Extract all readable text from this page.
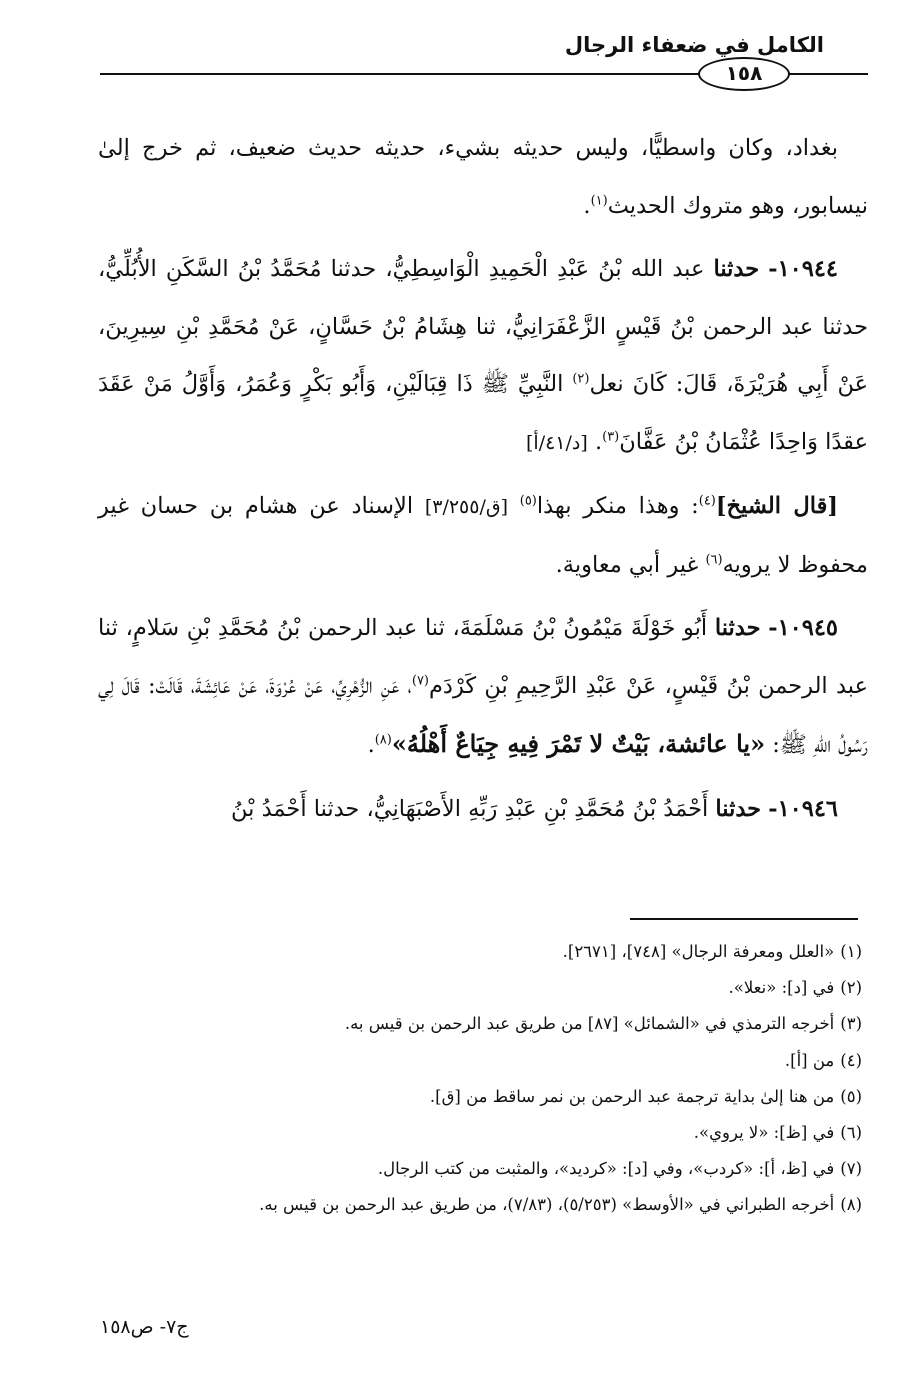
الكامل في ضعفاء الرجال
١٥٨

بغداد، وكان واسطيًّا، وليس حديثه بشيء، حديثه حديث ضعيف، ثم خرج إلىٰ نيسابور، وهو متروك الحديث$^{(١)}$.

١٠٩٤٤- حدثنا عبد الله بْنُ عَبْدِ الْحَمِيدِ الْوَاسِطِيُّ، حدثنا مُحَمَّدُ بْنُ السَّكَنِ الأُبُلِّيُّ، حدثنا عبد الرحمن بْنُ قَيْسٍ الزَّعْفَرَانِيُّ، ثنا هِشَامُ بْنُ حَسَّانٍ، عَنْ مُحَمَّدِ بْنِ سِيرِينَ، عَنْ أَبِي هُرَيْرَةَ، قَالَ: كَانَ نعل$^{(٢)}$ النَّبِيِّ ﷺ ذَا قِبَالَيْنِ، وَأَبُو بَكْرٍ وَعُمَرُ، وَأَوَّلُ مَنْ عَقَدَ عقدًا وَاحِدًا عُثْمَانُ بْنُ عَفَّانَ$^{(٣)}$. [د/٤١/أ]

[قال الشيخ]$^{(٤)}$: وهذا منكر بهذا$^{(٥)}$ [ق/٣/٢٥٥] الإسناد عن هشام بن حسان غير محفوظ لا يرويه$^{(٦)}$ غير أبي معاوية.

١٠٩٤٥- حدثنا أَبُو خَوْلَةَ مَيْمُونُ بْنُ مَسْلَمَةَ، ثنا عبد الرحمن بْنُ مُحَمَّدِ بْنِ سَلامٍ، ثنا عبد الرحمن بْنُ قَيْسٍ، عَنْ عَبْدِ الرَّحِيمِ بْنِ كَرْدَم$^{(٧)}$، عَنِ الزُّهْرِيِّ، عَنْ عُرْوَةَ، عَنْ عَائِشَةَ، قَالَتْ: قَالَ لِي رَسُولُ اللهِ ﷺ: «يا عائشة، بَيْتٌ لا تَمْرَ فِيهِ جِيَاعٌ أَهْلُهُ»$^{(٨)}$.

١٠٩٤٦- حدثنا أَحْمَدُ بْنُ مُحَمَّدِ بْنِ عَبْدِ رَبِّهِ الأَصْبَهَانِيُّ، حدثنا أَحْمَدُ بْنُ

(١)«العلل ومعرفة الرجال» [٧٤٨]، [٢٦٧١].
(٢)في [د]: «نعلا».
(٣)أخرجه الترمذي في «الشمائل» [٨٧] من طريق عبد الرحمن بن قيس به.
(٤)من [أ].
(٥)من هنا إلىٰ بداية ترجمة عبد الرحمن بن نمر ساقط من [ق].
(٦)في [ظ]: «لا يروي».
(٧)في [ظ، أ]: «كردب»، وفي [د]: «كرديد»، والمثبت من كتب الرجال.
(٨)أخرجه الطبراني في «الأوسط» (٥/٢٥٣)، (٧/٨٣)، من طريق عبد الرحمن بن قيس به.
ج٧- ص١٥٨
